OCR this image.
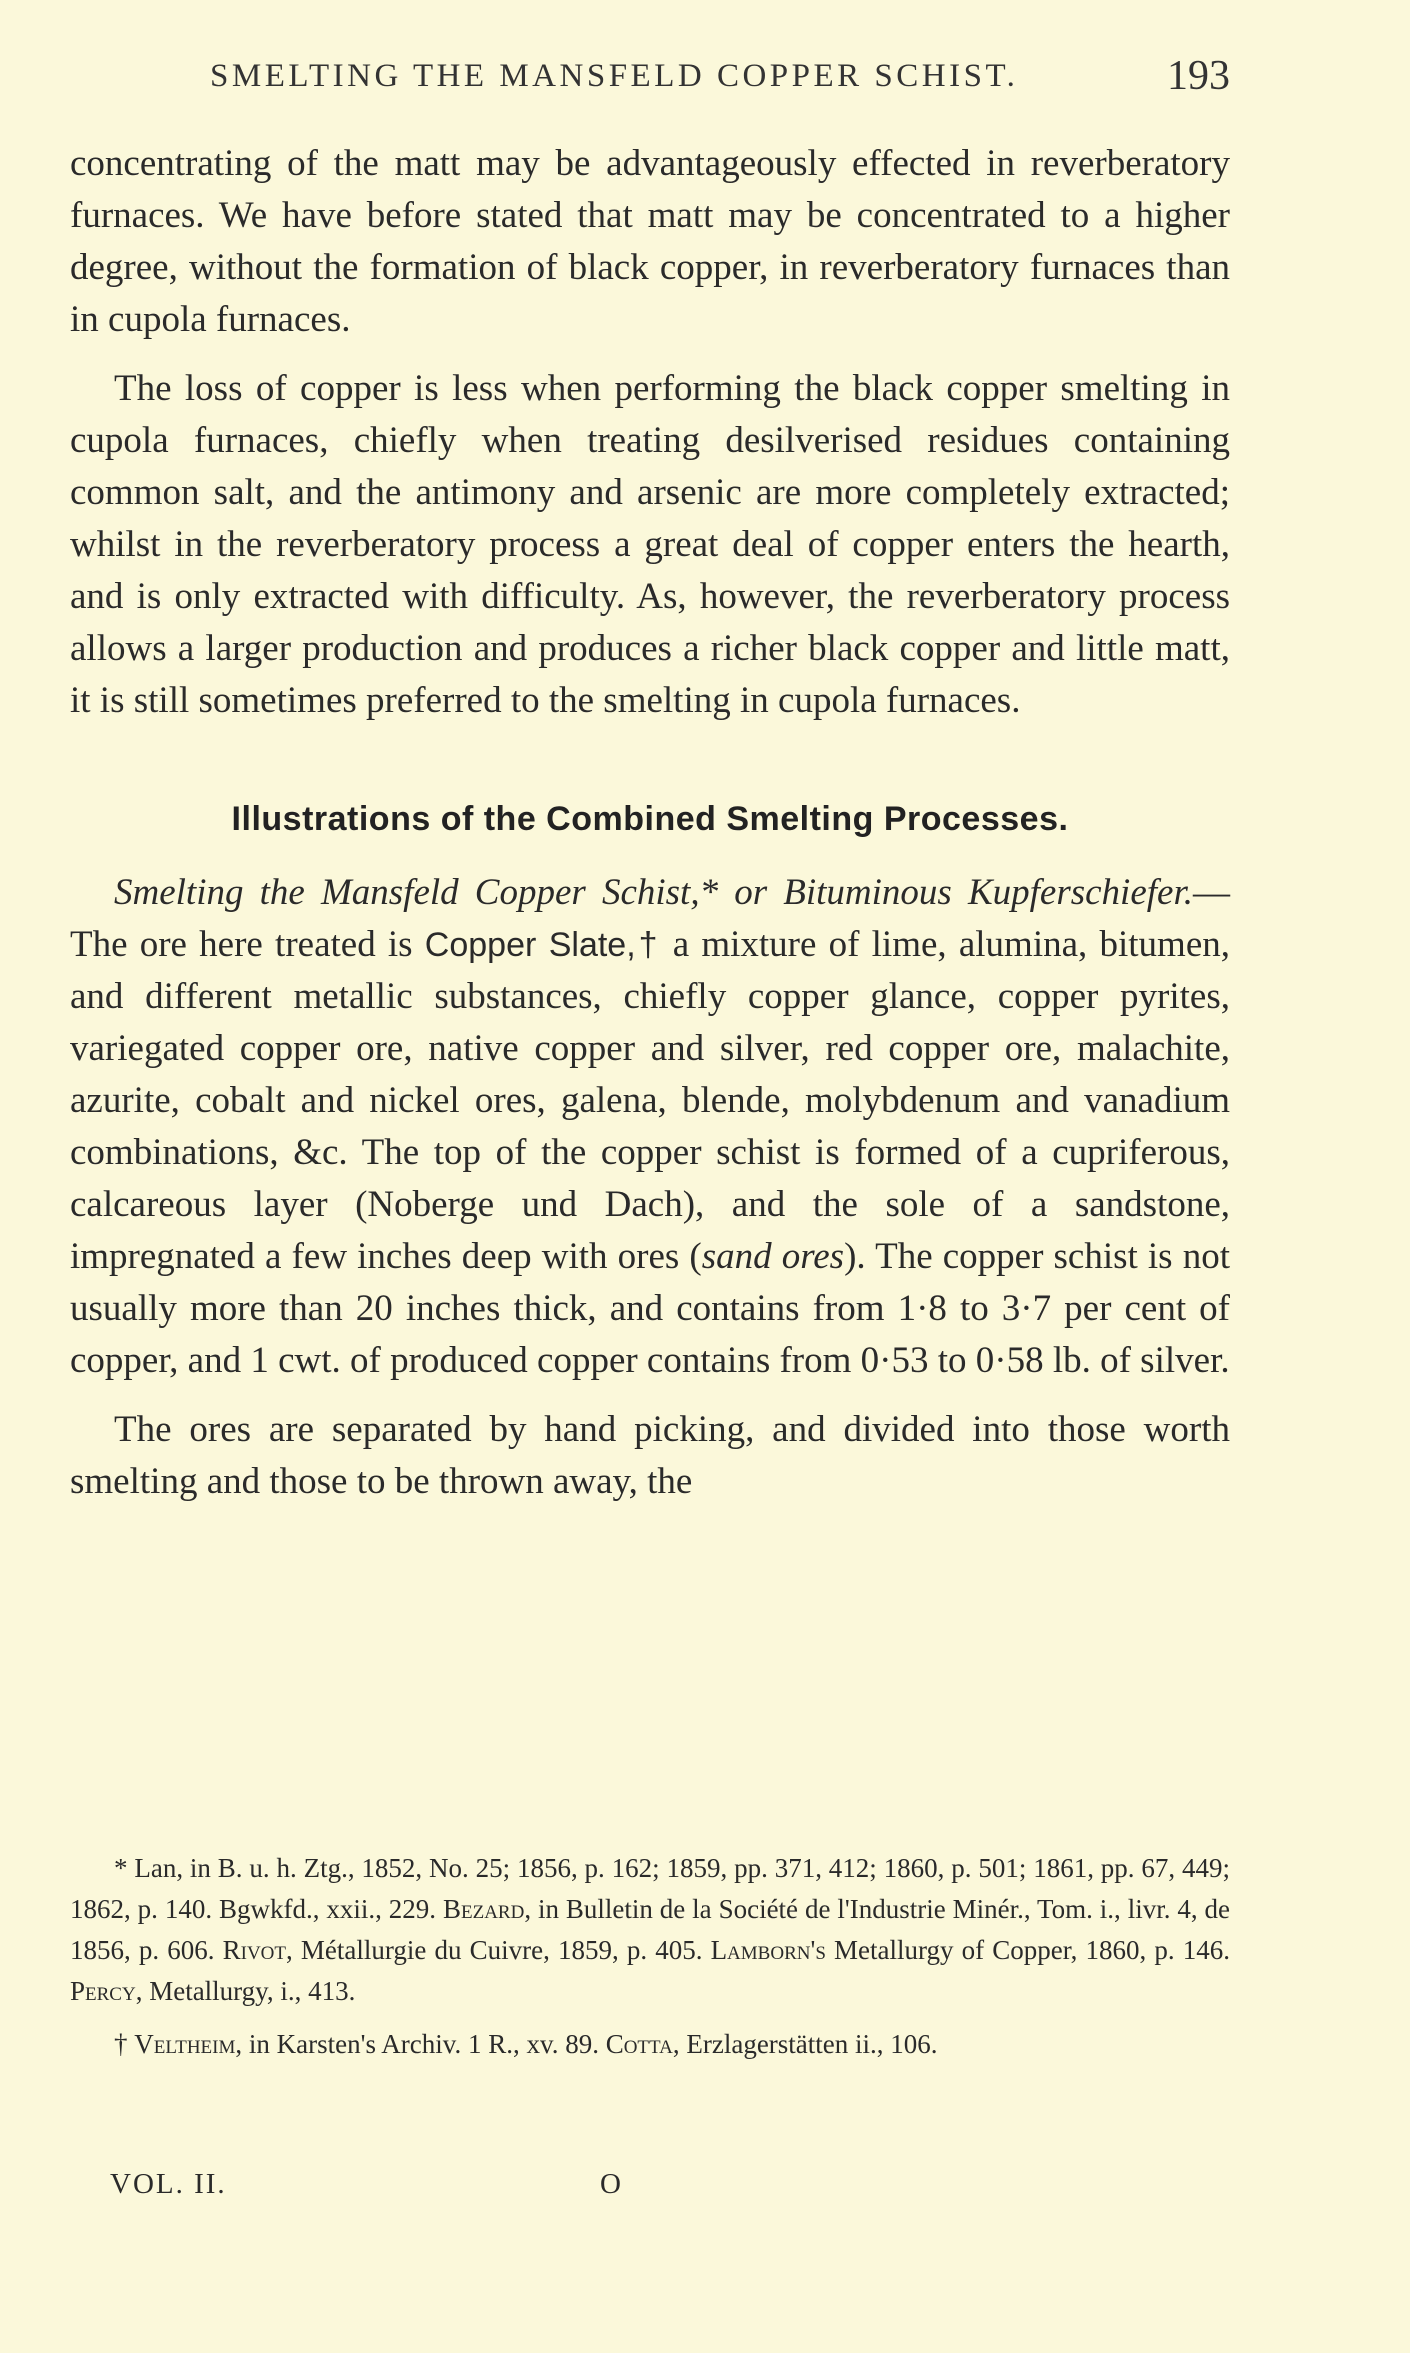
SMELTING THE MANSFELD COPPER SCHIST.	193

concentrating of the matt may be advantageously effected in reverberatory furnaces. We have before stated that matt may be concentrated to a higher degree, without the formation of black copper, in reverberatory furnaces than in cupola furnaces.

The loss of copper is less when performing the black copper smelting in cupola furnaces, chiefly when treating desilverised residues containing common salt, and the antimony and arsenic are more completely extracted; whilst in the reverberatory process a great deal of copper enters the hearth, and is only extracted with difficulty. As, however, the reverberatory process allows a larger production and produces a richer black copper and little matt, it is still sometimes preferred to the smelting in cupola furnaces.

Illustrations of the Combined Smelting Processes.

Smelting the Mansfeld Copper Schist,* or Bituminous Kupferschiefer.—The ore here treated is Copper Slate,† a mixture of lime, alumina, bitumen, and different metallic substances, chiefly copper glance, copper pyrites, variegated copper ore, native copper and silver, red copper ore, malachite, azurite, cobalt and nickel ores, galena, blende, molybdenum and vanadium combinations, &c. The top of the copper schist is formed of a cupriferous, calcareous layer (Noberge und Dach), and the sole of a sandstone, impregnated a few inches deep with ores (sand ores). The copper schist is not usually more than 20 inches thick, and contains from 1·8 to 3·7 per cent of copper, and 1 cwt. of produced copper contains from 0·53 to 0·58 lb. of silver.

The ores are separated by hand picking, and divided into those worth smelting and those to be thrown away, the

* Lan, in B. u. h. Ztg., 1852, No. 25; 1856, p. 162; 1859, pp. 371, 412; 1860, p. 501; 1861, pp. 67, 449; 1862, p. 140. Bgwkfd., xxii., 229. Bezard, in Bulletin de la Société de l'Industrie Minér., Tom. i., livr. 4, de 1856, p. 606. Rivot, Métallurgie du Cuivre, 1859, p. 405. Lamborn's Metallurgy of Copper, 1860, p. 146. Percy, Metallurgy, i., 413.

† Veltheim, in Karsten's Archiv. 1 R., xv. 89. Cotta, Erzlagerstätten ii., 106.

VOL. II.	O
